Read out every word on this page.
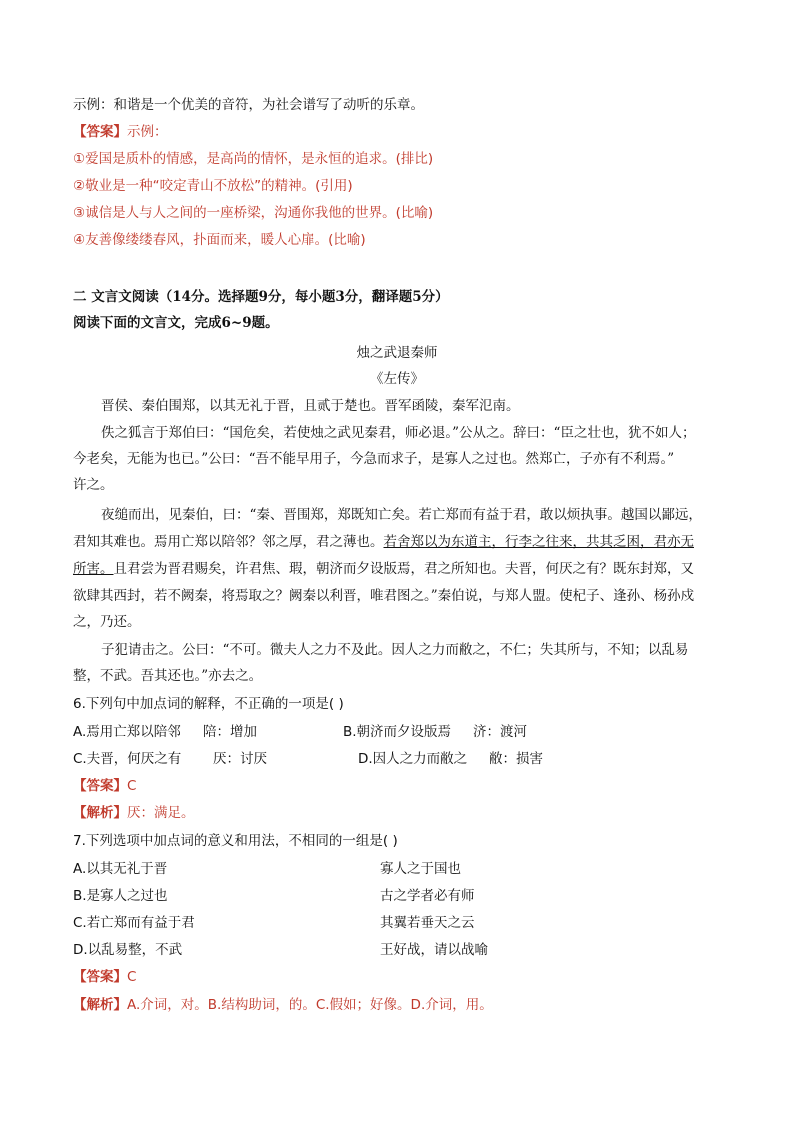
示例：和谐是一个优美的音符，为社会谱写了动听的乐章。
【答案】示例：
①爱国是质朴的情感，是高尚的情怀，是永恒的追求。(排比)
②敬业是一种“咬定青山不放松”的精神。(引用)
③诚信是人与人之间的一座桥梁，沟通你我他的世界。(比喻)
④友善像缕缕春风，扑面而来，暖人心扉。(比喻)
二 文言文阅读（14分。选择题9分，每小题3分，翻译题5分）
阅读下面的文言文，完成6~9题。
烛之武退秦师
《左传》
晋侯、秦伯围郑，以其无礼于晋，且贰于楚也。晋军函陵，秦军氾南。
佚之狐言于郑伯曰：“国危矣，若使烛之武见秦君，师必退。”公从之。辞曰：“臣之壮也，犹不如人；
今老矣，无能为也已。”公曰：“吾不能早用子，今急而求子，是寡人之过也。然郑亡，子亦有不利焉。”
许之。
夜缒而出，见秦伯，曰：“秦、晋围郑，郑既知亡矣。若亡郑而有益于君，敢以烦执事。越国以鄙远，
君知其难也。焉用亡郑以陪邻？邻之厚，君之薄也。若舍郑以为东道主，行李之往来，共其乏困，君亦无
所害。且君尝为晋君赐矣，许君焦、瑕，朝济而夕设版焉，君之所知也。夫晋，何厌之有？既东封郑，又
欲肆其西封，若不阙秦，将焉取之？阙秦以利晋，唯君图之。”秦伯说，与郑人盟。使杞子、逢孙、杨孙戍
之，乃还。
子犯请击之。公曰：“不可。微夫人之力不及此。因人之力而敝之，不仁；失其所与，不知；以乱易
整，不武。吾其还也。”亦去之。
6.下列句中加点词的解释，不正确的一项是( )
A.焉用亡郑以陪邻 陪：增加	B.朝济而夕设版焉 济：渡河
C.夫晋，何厌之有 厌：讨厌	D.因人之力而敝之 敝：损害
【答案】C
【解析】厌：满足。
7.下列选项中加点词的意义和用法，不相同的一组是( )
A.以其无礼于晋	寡人之于国也
B.是寡人之过也	古之学者必有师
C.若亡郑而有益于君	其翼若垂天之云
D.以乱易整，不武	王好战，请以战喻
【答案】C
【解析】A.介词，对。B.结构助词，的。C.假如；好像。D.介词，用。
